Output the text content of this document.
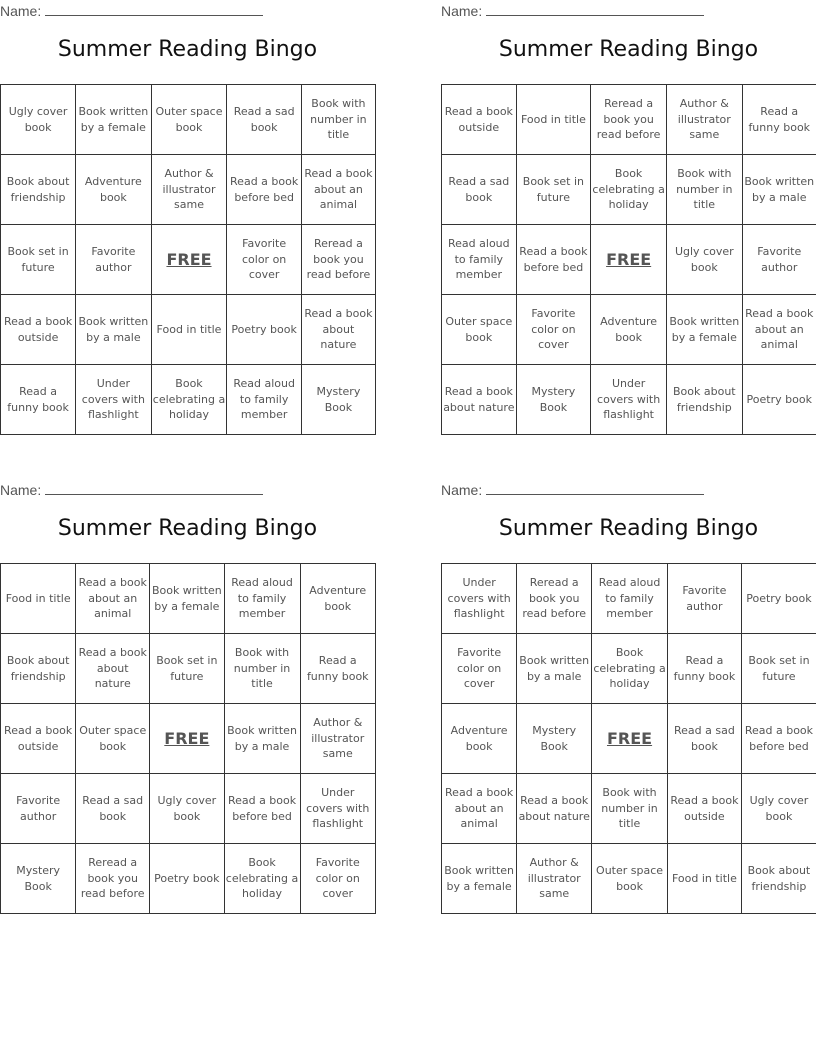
Name:
Summer Reading Bingo
Ugly cover book	Book written by a female	Outer space book	Read a sad book	Book with number in title
Book about friendship	Adventure book	Author & illustrator same	Read a book before bed	Read a book about an animal
Book set in future	Favorite author	FREE	Favorite color on cover	Reread a book you read before
Read a book outside	Book written by a male	Food in title	Poetry book	Read a book about nature
Read a funny book	Under covers with flashlight	Book celebrating a holiday	Read aloud to family member	Mystery Book
Name:
Summer Reading Bingo
Read a book outside	Food in title	Reread a book you read before	Author & illustrator same	Read a funny book
Read a sad book	Book set in future	Book celebrating a holiday	Book with number in title	Book written by a male
Read aloud to family member	Read a book before bed	FREE	Ugly cover book	Favorite author
Outer space book	Favorite color on cover	Adventure book	Book written by a female	Read a book about an animal
Read a book about nature	Mystery Book	Under covers with flashlight	Book about friendship	Poetry book
Name:
Summer Reading Bingo
Food in title	Read a book about an animal	Book written by a female	Read aloud to family member	Adventure book
Book about friendship	Read a book about nature	Book set in future	Book with number in title	Read a funny book
Read a book outside	Outer space book	FREE	Book written by a male	Author & illustrator same
Favorite author	Read a sad book	Ugly cover book	Read a book before bed	Under covers with flashlight
Mystery Book	Reread a book you read before	Poetry book	Book celebrating a holiday	Favorite color on cover
Name:
Summer Reading Bingo
Under covers with flashlight	Reread a book you read before	Read aloud to family member	Favorite author	Poetry book
Favorite color on cover	Book written by a male	Book celebrating a holiday	Read a funny book	Book set in future
Adventure book	Mystery Book	FREE	Read a sad book	Read a book before bed
Read a book about an animal	Read a book about nature	Book with number in title	Read a book outside	Ugly cover book
Book written by a female	Author & illustrator same	Outer space book	Food in title	Book about friendship
